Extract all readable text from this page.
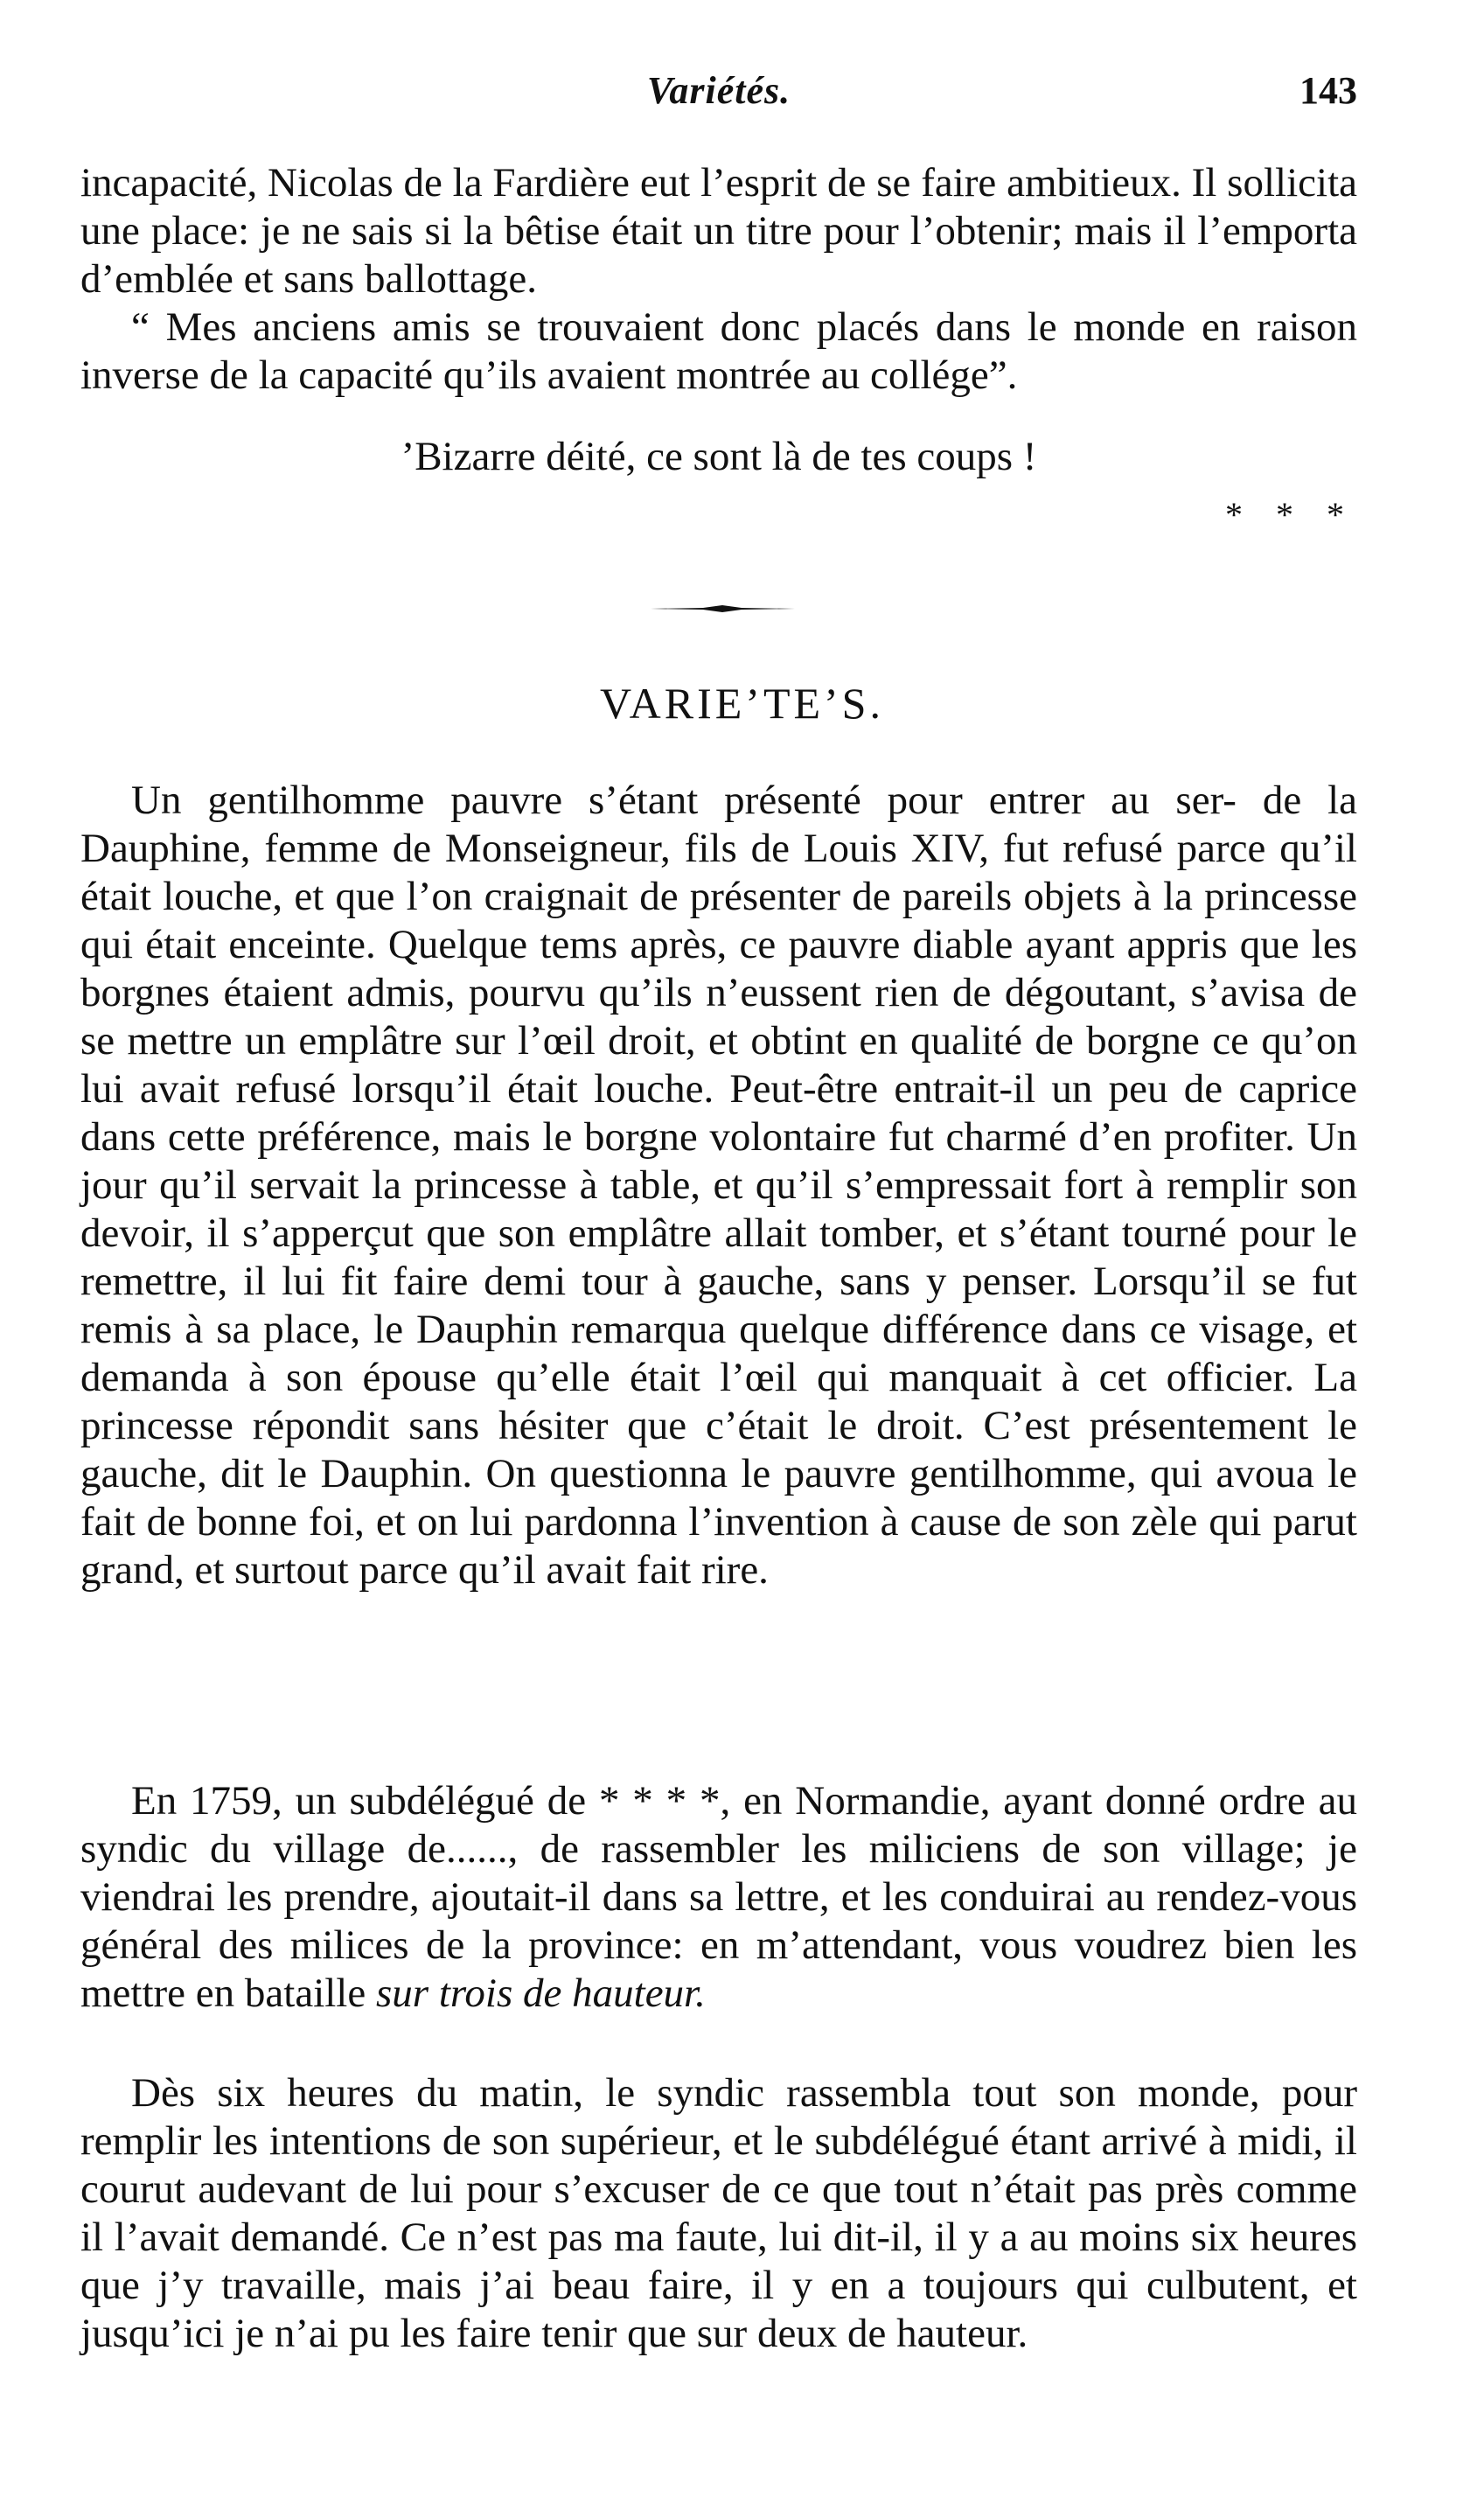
Variétés.	143

incapacité, Nicolas de la Fardière eut l’esprit de se faire ambitieux. Il sollicita une place: je ne sais si la bêtise était un titre pour l’obtenir; mais il l’emporta d’emblée et sans ballottage.

“ Mes anciens amis se trouvaient donc placés dans le monde en raison inverse de la capacité qu’ils avaient montrée au collége”.

’Bizarre déité, ce sont là de tes coups !
* * *
VARIE’TE’S.

Un gentilhomme pauvre s’étant présenté pour entrer au ser- de la Dauphine, femme de Monseigneur, fils de Louis XIV, fut refusé parce qu’il était louche, et que l’on craignait de présenter de pareils objets à la princesse qui était enceinte. Quelque tems après, ce pauvre diable ayant appris que les borgnes étaient admis, pourvu qu’ils n’eussent rien de dégoutant, s’avisa de se mettre un emplâtre sur l’œil droit, et obtint en qualité de borgne ce qu’on lui avait refusé lorsqu’il était louche. Peut-être entrait-il un peu de caprice dans cette préférence, mais le borgne volontaire fut charmé d’en profiter. Un jour qu’il servait la princesse à table, et qu’il s’empressait fort à remplir son devoir, il s’apperçut que son emplâtre allait tomber, et s’étant tourné pour le remettre, il lui fit faire demi tour à gauche, sans y penser. Lorsqu’il se fut remis à sa place, le Dauphin remarqua quelque différence dans ce visage, et demanda à son épouse qu’elle était l’œil qui manquait à cet officier. La princesse répondit sans hésiter que c’était le droit. C’est présentement le gauche, dit le Dauphin. On questionna le pauvre gentilhomme, qui avoua le fait de bonne foi, et on lui pardonna l’invention à cause de son zèle qui parut grand, et surtout parce qu’il avait fait rire.

En 1759, un subdélégué de * * * *, en Normandie, ayant donné ordre au syndic du village de......, de rassembler les miliciens de son village; je viendrai les prendre, ajoutait-il dans sa lettre, et les conduirai au rendez-vous général des milices de la province: en m’attendant, vous voudrez bien les mettre en bataille sur trois de hauteur.

Dès six heures du matin, le syndic rassembla tout son monde, pour remplir les intentions de son supérieur, et le subdélégué étant arrivé à midi, il courut audevant de lui pour s’excuser de ce que tout n’était pas près comme il l’avait demandé. Ce n’est pas ma faute, lui dit-il, il y a au moins six heures que j’y travaille, mais j’ai beau faire, il y en a toujours qui culbutent, et jusqu’ici je n’ai pu les faire tenir que sur deux de hauteur.
